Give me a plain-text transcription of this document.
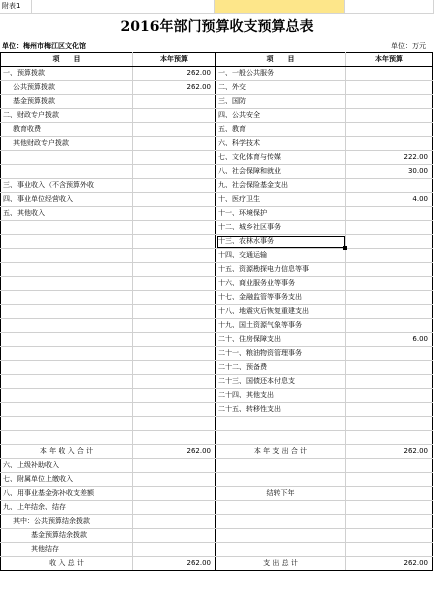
附表1
2016年部门预算收支预算总表
单位：梅州市梅江区文化馆	单位：万元
项　　目	本年预算	项　　目	本年预算
一、预算拨款	262.00	一、一般公共服务	
公共预算拨款	262.00	二、外交	
基金预算拨款		三、国防	
二、财政专户拨款		四、公共安全	
教育收费		五、教育	
其他财政专户拨款		六、科学技术	
		七、文化体育与传媒	222.00
		八、社会保障和就业	30.00
三、事业收入（不含预算外收		九、社会保险基金支出	
四、事业单位经营收入		十、医疗卫生	4.00
五、其他收入		十一、环境保护	
		十二、城乡社区事务	
		十三、农林水事务	
		十四、交通运输	
		十五、资源勘探电力信息等事	
		十六、商业服务业等事务	
		十七、金融监管等事务支出	
		十八、地震灾后恢复重建支出	
		十九、国土资源气象等事务	
		二十、住房保障支出	6.00
		二十一、粮油物资管理事务	
		二十二、预备费	
		二十三、国债还本付息支	
		二十四、其他支出	
		二十五、转移性支出	

本 年 收 入 合 计	262.00	本 年 支 出 合 计	262.00
六、上级补助收入			
七、附属单位上缴收入			
八、用事业基金弥补收支差额		结转下年	
九、上年结余、结存			
其中：公共预算结余拨款			
基金预算结余拨款			
其他结存			
收 入 总 计	262.00	支 出 总 计	262.00
